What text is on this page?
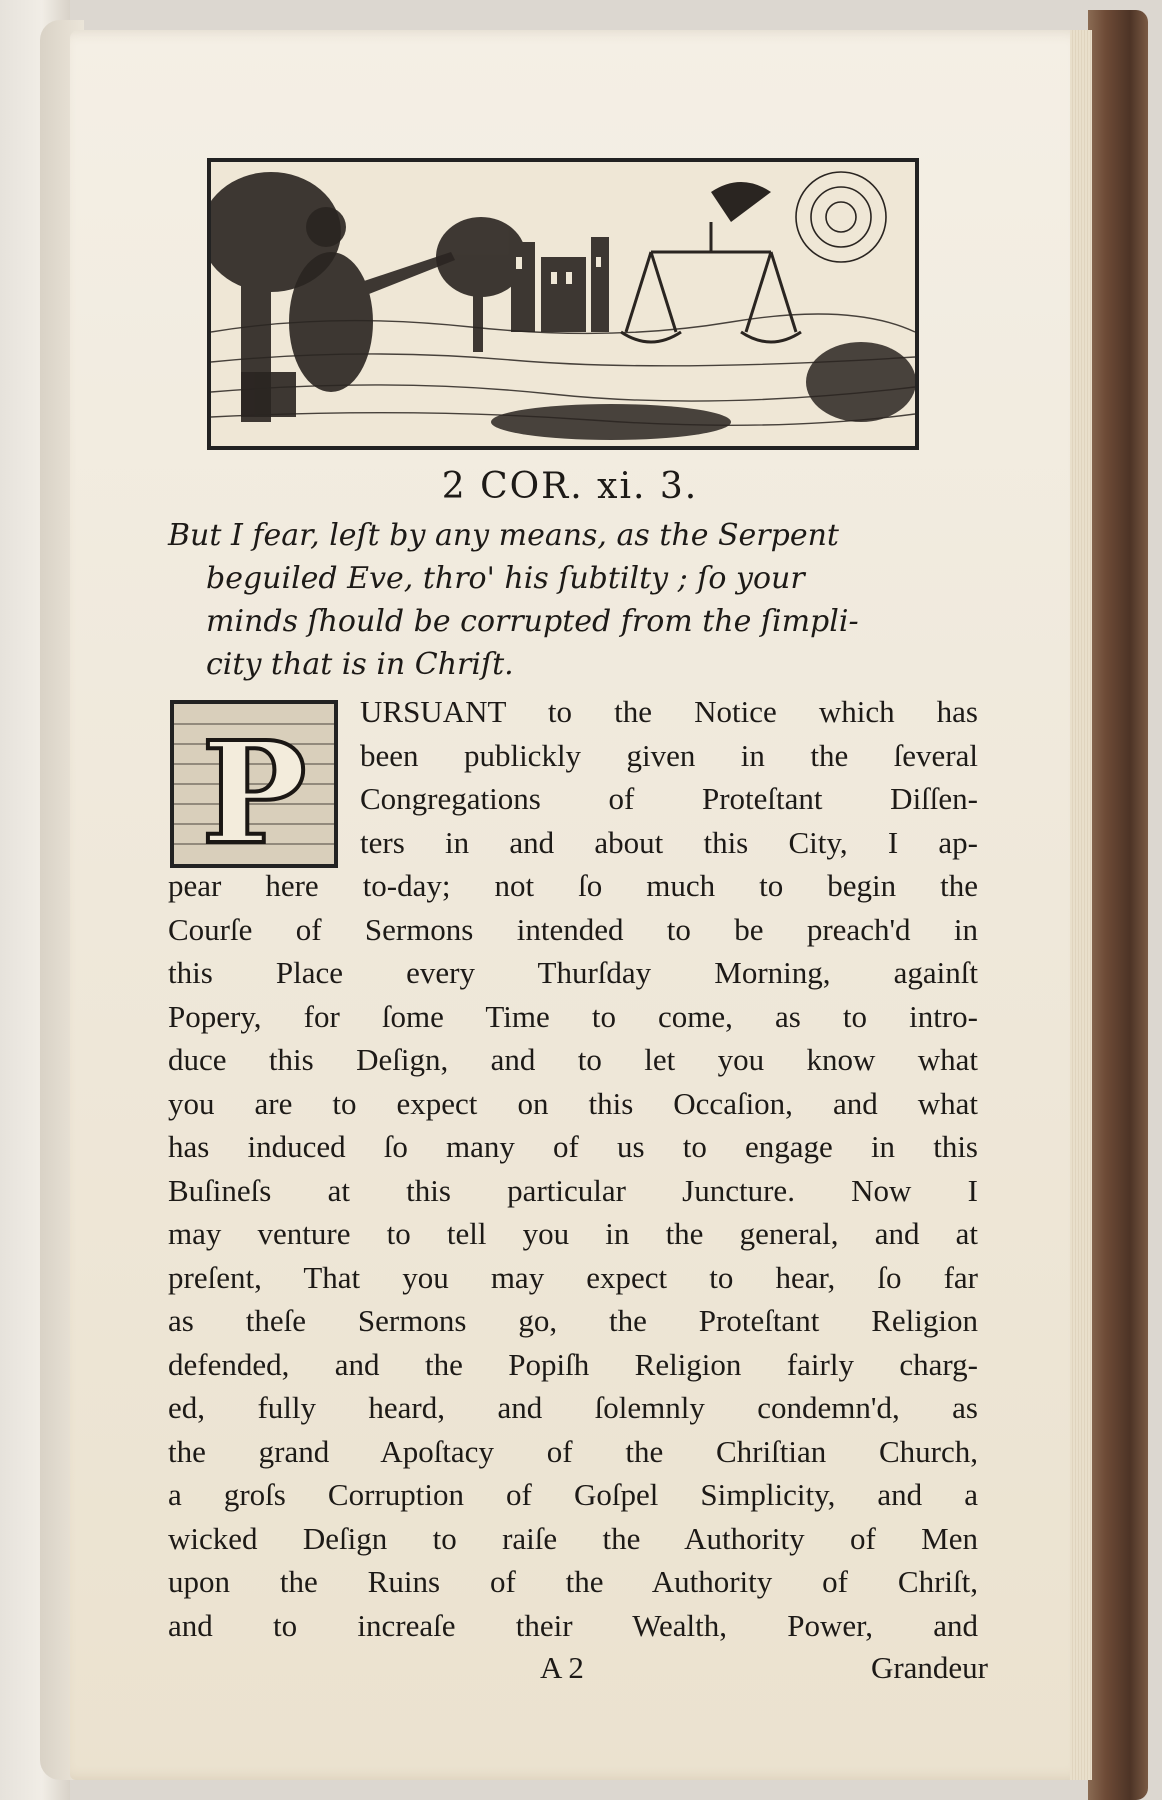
2 COR. xi. 3.
But I fear, leſt by any means, as the Serpent
beguiled Eve, thro' his ſubtilty ; ſo your
minds ſhould be corrupted from the ſimpli-
city that is in Chriſt.
P
URSUANT to the Notice which has
been publickly given in the ſeveral
Congregations of Proteſtant Diſſen-
ters in and about this City, I ap-
pear here to-day; not ſo much to begin the
Courſe of Sermons intended to be preach'd in
this Place every Thurſday Morning, againſt
Popery, for ſome Time to come, as to intro-
duce this Deſign, and to let you know what
you are to expect on this Occaſion, and what
has induced ſo many of us to engage in this
Buſineſs at this particular Juncture. Now I
may venture to tell you in the general, and at
preſent, That you may expect to hear, ſo far
as theſe Sermons go, the Proteſtant Religion
defended, and the Popiſh Religion fairly charg-
ed, fully heard, and ſolemnly condemn'd, as
the grand Apoſtacy of the Chriſtian Church,
a groſs Corruption of Goſpel Simplicity, and a
wicked Deſign to raiſe the Authority of Men
upon the Ruins of the Authority of Chriſt,
and to increaſe their Wealth, Power, and
A 2	Grandeur
